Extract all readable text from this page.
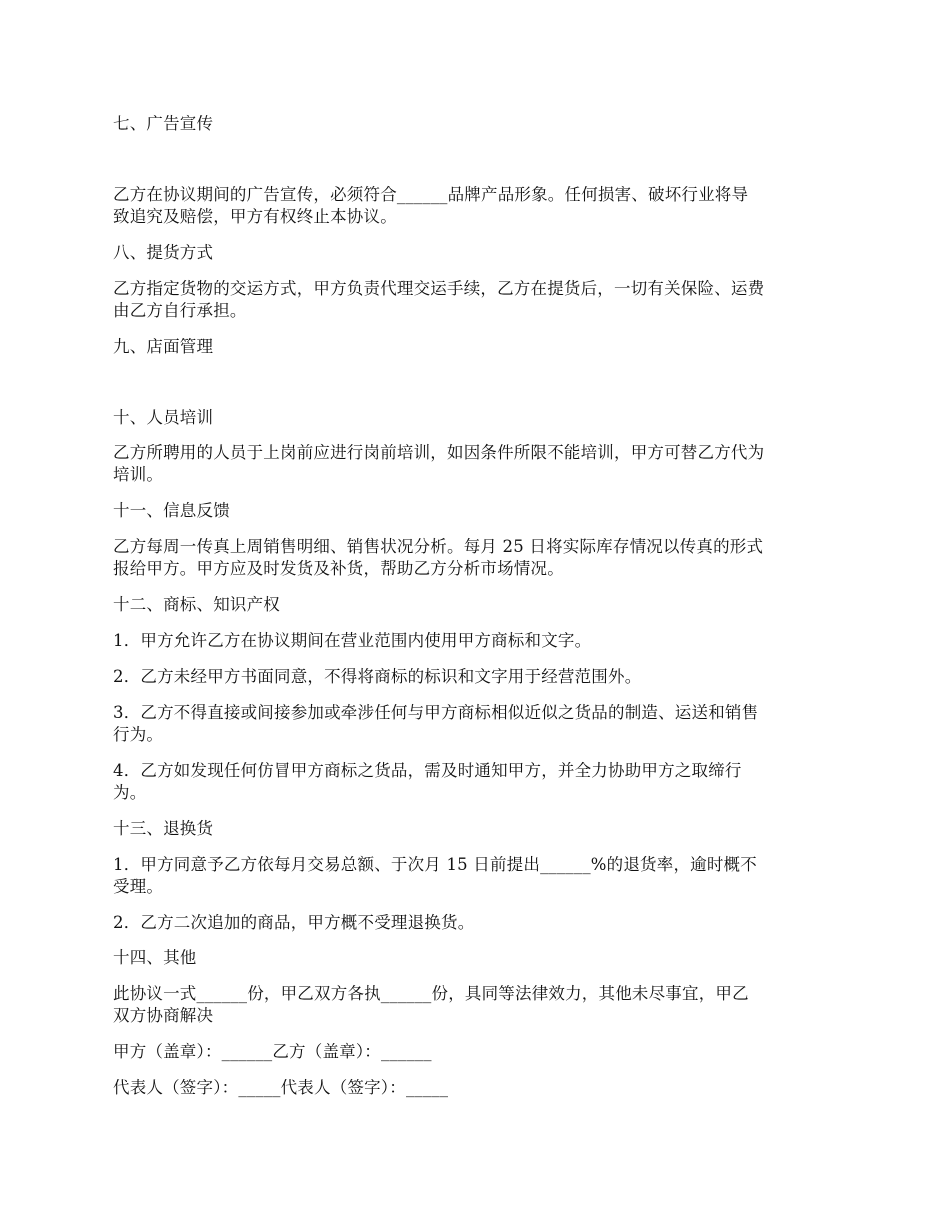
七、广告宣传
乙方在协议期间的广告宣传，必须符合______品牌产品形象。任何损害、破坏行业将导
致追究及赔偿，甲方有权终止本协议。
八、提货方式
乙方指定货物的交运方式，甲方负责代理交运手续，乙方在提货后，一切有关保险、运费
由乙方自行承担。
九、店面管理
十、人员培训
乙方所聘用的人员于上岗前应进行岗前培训，如因条件所限不能培训，甲方可替乙方代为
培训。
十一、信息反馈
乙方每周一传真上周销售明细、销售状况分析。每月 25 日将实际库存情况以传真的形式
报给甲方。甲方应及时发货及补货，帮助乙方分析市场情况。
十二、商标、知识产权
1．甲方允许乙方在协议期间在营业范围内使用甲方商标和文字。
2．乙方未经甲方书面同意，不得将商标的标识和文字用于经营范围外。
3．乙方不得直接或间接参加或牵涉任何与甲方商标相似近似之货品的制造、运送和销售
行为。
4．乙方如发现任何仿冒甲方商标之货品，需及时通知甲方，并全力协助甲方之取缔行
为。
十三、退换货
1．甲方同意予乙方依每月交易总额、于次月 15 日前提出______%的退货率，逾时概不
受理。
2．乙方二次追加的商品，甲方概不受理退换货。
十四、其他
此协议一式______份，甲乙双方各执______份，具同等法律效力，其他未尽事宜，甲乙
双方协商解决
甲方（盖章）：______乙方（盖章）：______
代表人（签字）：_____代表人（签字）：_____
